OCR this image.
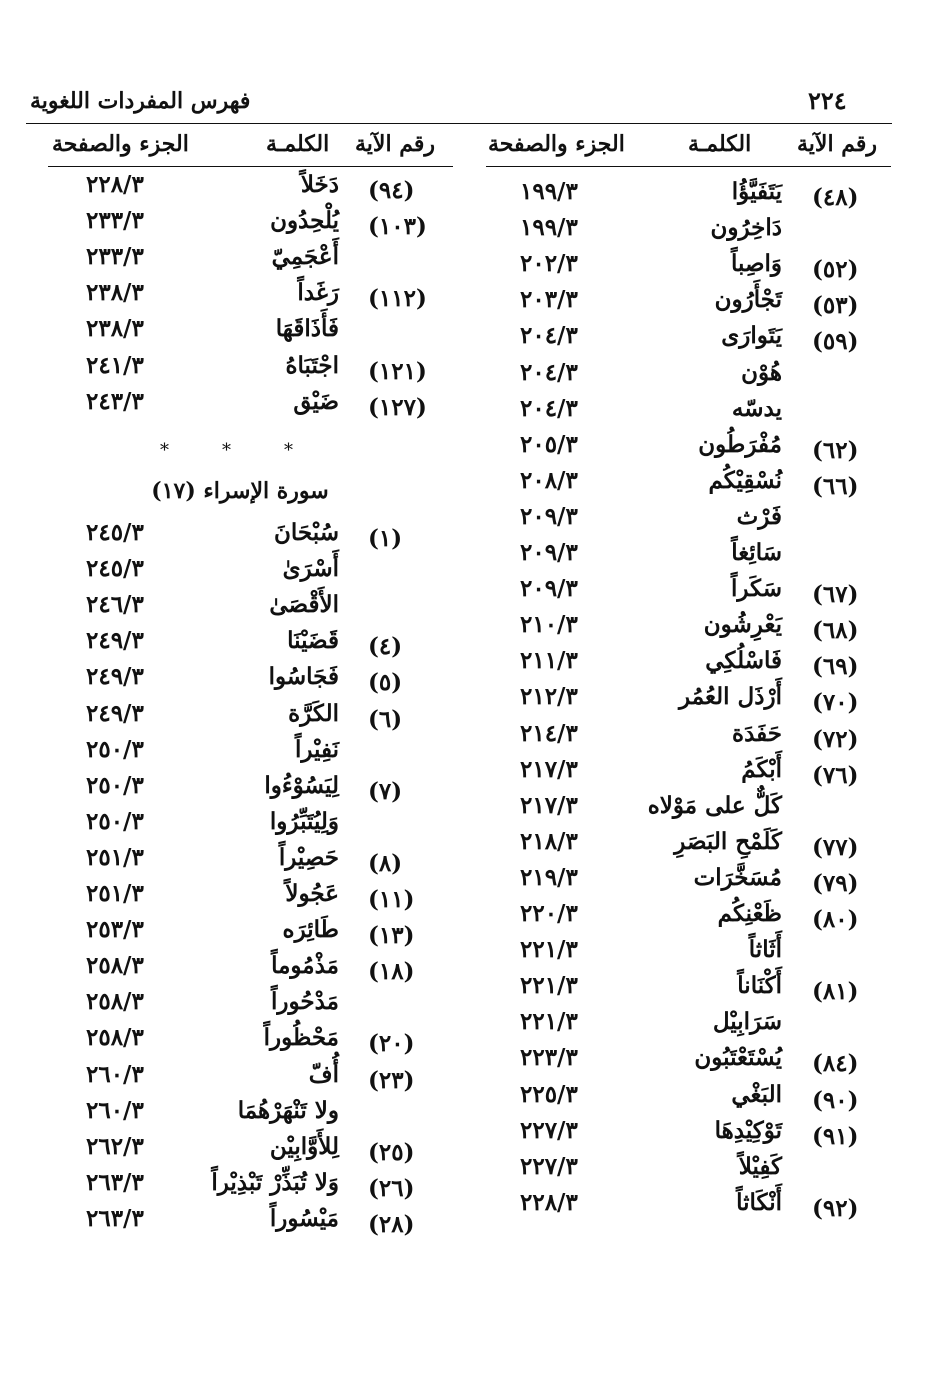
٢٢٤
فهرس المفردات اللغوية
رقم الآية
الكلمـة
الجزء والصفحة
رقم الآية
الكلمـة
الجزء والصفحة
(٤٨)
يَتَفَيَّؤُا
١٩٩/٣
دَاخِرُون
١٩٩/٣
(٥٢)
وَاصِباً
٢٠٢/٣
(٥٣)
تَجْأَرُون
٢٠٣/٣
(٥٩)
يَتَوارَى
٢٠٤/٣
هُوْن
٢٠٤/٣
يدسّه
٢٠٤/٣
(٦٢)
مُفْرَطُون
٢٠٥/٣
(٦٦)
نُسْقِيْكُم
٢٠٨/٣
فَرْث
٢٠٩/٣
سَائِغاً
٢٠٩/٣
(٦٧)
سَكَراً
٢٠٩/٣
(٦٨)
يَعْرِشُون
٢١٠/٣
(٦٩)
فَاسْلُكِي
٢١١/٣
(٧٠)
أَرْذَل العُمُر
٢١٢/٣
(٧٢)
حَفَدَة
٢١٤/٣
(٧٦)
أَبْكَمُ
٢١٧/٣
كَلٌّ على مَوْلاه
٢١٧/٣
(٧٧)
كَلَمْحِ البَصَرِ
٢١٨/٣
(٧٩)
مُسَخَّرَات
٢١٩/٣
(٨٠)
ظَعْنِكُم
٢٢٠/٣
أَثَاثاً
٢٢١/٣
(٨١)
أَكْنَاناً
٢٢١/٣
سَرَابِيْل
٢٢١/٣
(٨٤)
يُسْتَعْتَبُون
٢٢٣/٣
(٩٠)
البَغْي
٢٢٥/٣
(٩١)
تَوْكِيْدِهَا
٢٢٧/٣
كَفِيْلاً
٢٢٧/٣
(٩٢)
أَنْكَاثاً
٢٢٨/٣
(٩٤)
دَخَلاً
٢٢٨/٣
(١٠٣)
يُلْحِدُون
٢٣٣/٣
أَعْجَمِيّ
٢٣٣/٣
(١١٢)
رَغَداً
٢٣٨/٣
فَأَذَاقَهَا
٢٣٨/٣
(١٢١)
اجْتَبَاهُ
٢٤١/٣
(١٢٧)
ضَيْق
٢٤٣/٣
*	*	*
سورة الإسراء (١٧)
(١)
سُبْحَانَ
٢٤٥/٣
أَسْرَىٰ
٢٤٥/٣
الأَقْصَىٰ
٢٤٦/٣
(٤)
قَضَيْنَا
٢٤٩/٣
(٥)
فَجَاسُوا
٢٤٩/٣
(٦)
الكَرَّة
٢٤٩/٣
نَفِيْراً
٢٥٠/٣
(٧)
لِيَسُوْءُوا
٢٥٠/٣
وَلِيُتَبِّرُوا
٢٥٠/٣
(٨)
حَصِيْراً
٢٥١/٣
(١١)
عَجُولاً
٢٥١/٣
(١٣)
طَائِرَه
٢٥٣/٣
(١٨)
مَذْمُوماً
٢٥٨/٣
مَدْحُوراً
٢٥٨/٣
(٢٠)
مَحْظُوراً
٢٥٨/٣
(٢٣)
أُفّ
٢٦٠/٣
ولا تَنْهَرْهُمَا
٢٦٠/٣
(٢٥)
لِلأَوَّابِيْن
٢٦٢/٣
(٢٦)
وَلا تُبَذِّرْ تَبْذِيْراً
٢٦٣/٣
(٢٨)
مَيْسُوراً
٢٦٣/٣
